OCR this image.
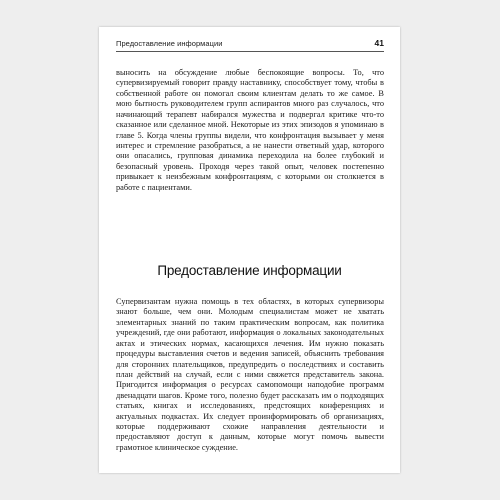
Предоставление информации	41

выносить на обсуждение любые беспокоящие вопросы. То, что супервизируемый говорит правду наставнику, способствует тому, чтобы в собственной работе он помогал своим клиентам делать то же самое. В мою бытность руководителем групп аспирантов много раз случалось, что начинающий терапевт набирался мужества и подвергал критике что-то сказанное или сделанное мной. Некоторые из этих эпизодов я упоминаю в главе 5. Когда члены группы видели, что конфронтация вызывает у меня интерес и стремление разобраться, а не нанести ответный удар, которого они опасались, групповая динамика переходила на более глубокий и безопасный уровень. Проходя через такой опыт, человек постепенно привыкает к неизбежным конфронтациям, с которыми он столкнется в работе с пациентами.

Предоставление информации

Супервизантам нужна помощь в тех областях, в которых супервизоры знают больше, чем они. Молодым специалистам может не хватать элементарных знаний по таким практическим вопросам, как политика учреждений, где они работают, информация о локальных законодательных актах и этических нормах, касающихся лечения. Им нужно показать процедуры выставления счетов и ведения записей, объяснить требования для сторонних плательщиков, предупредить о последствиях и составить план действий на случай, если с ними свяжется представитель закона. Пригодится информация о ресурсах самопомощи наподобие программ двенадцати шагов. Кроме того, полезно будет рассказать им о подходящих статьях, книгах и исследованиях, предстоящих конференциях и актуальных подкастах. Их следует проинформировать об организациях, которые поддерживают схожие направления деятельности и предоставляют доступ к данным, которые могут помочь вывести грамотное клиническое суждение.
